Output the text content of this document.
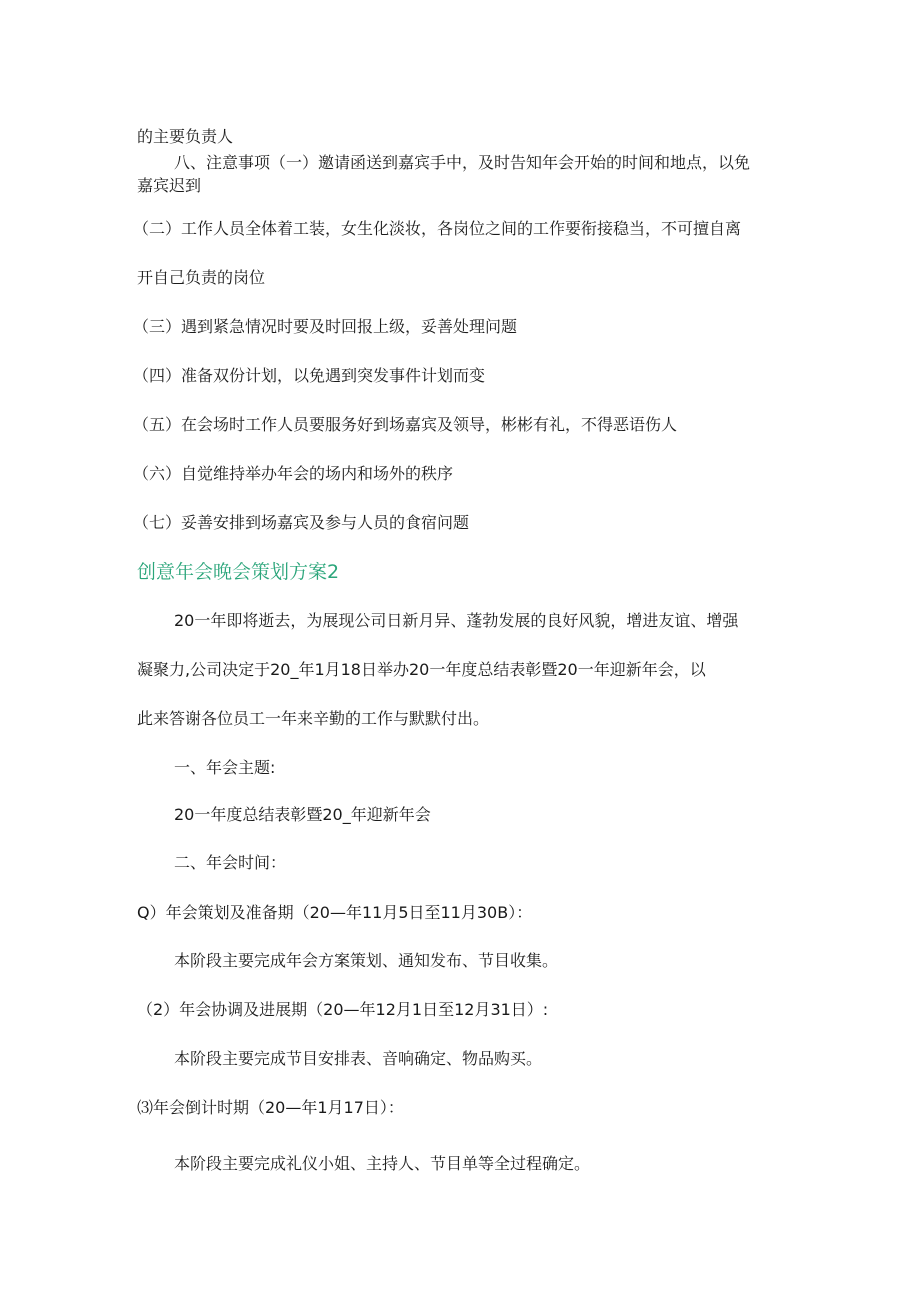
的主要负责人
八、注意事项（一）邀请函送到嘉宾手中，及时告知年会开始的时间和地点，以免
嘉宾迟到
（二）工作人员全体着工装，女生化淡妆，各岗位之间的工作要衔接稳当，不可擅自离
开自己负责的岗位
（三）遇到紧急情况时要及时回报上级，妥善处理问题
（四）准备双份计划，以免遇到突发事件计划而变
（五）在会场时工作人员要服务好到场嘉宾及领导，彬彬有礼，不得恶语伤人
（六）自觉维持举办年会的场内和场外的秩序
（七）妥善安排到场嘉宾及参与人员的食宿问题
创意年会晚会策划方案2
20一年即将逝去，为展现公司日新月异、蓬勃发展的良好风貌，增进友谊、增强
凝聚力,公司决定于20_年1月18日举办20一年度总结表彰暨20一年迎新年会，以
此来答谢各位员工一年来辛勤的工作与默默付出。
一、年会主题:
20一年度总结表彰暨20_年迎新年会
二、年会时间：
Q）年会策划及准备期（20—年11月5日至11月30B）：
本阶段主要完成年会方案策划、通知发布、节目收集。
（2）年会协调及进展期（20—年12月1日至12月31日）:
本阶段主要完成节目安排表、音响确定、物品购买。
⑶年会倒计时期（20—年1月17日）：
本阶段主要完成礼仪小姐、主持人、节目单等全过程确定。
